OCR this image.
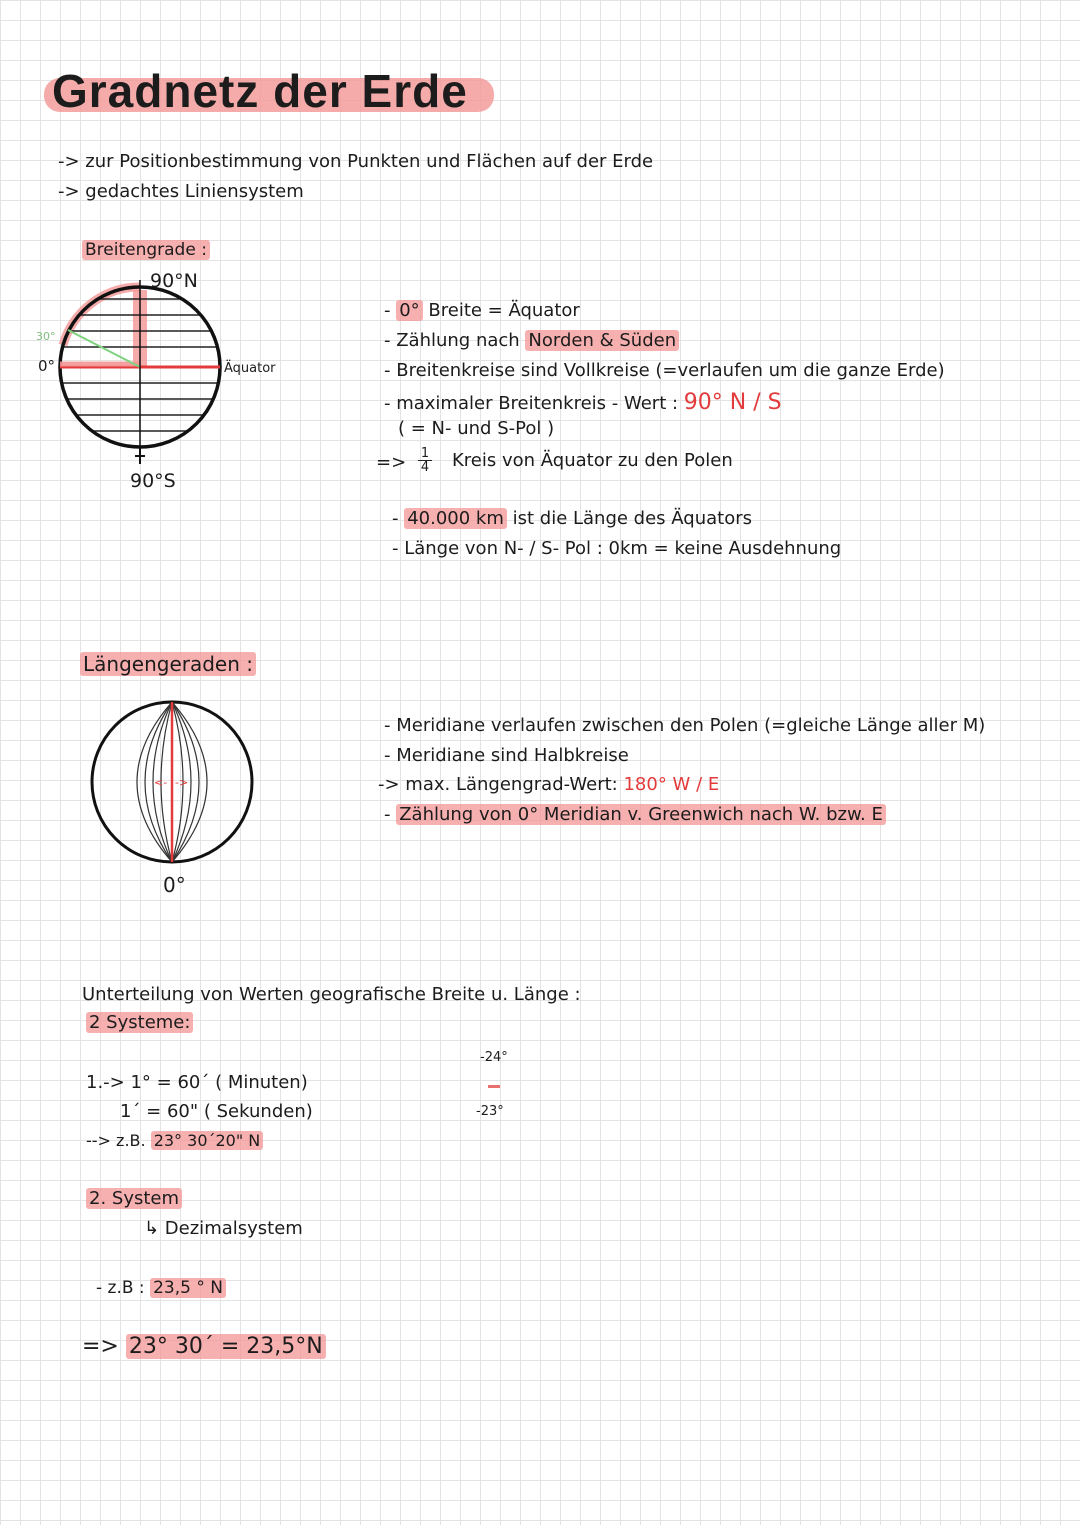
Gradnetz der Erde
-> zur Positionbestimmung von Punkten und Flächen auf der Erde
-> gedachtes Liniensystem
Breitengrade :
90°N
90°S
0°
30°
Äquator
- 0° Breite = Äquator
- Zählung nach Norden & Süden
- Breitenkreise sind Vollkreise (=verlaufen um die ganze Erde)
- maximaler Breitenkreis - Wert : 90° N / S
( = N- und S-Pol )
=> $\frac{1}{4}$ Kreis von Äquator zu den Polen
- 40.000 km ist die Länge des Äquators
- Länge von N- / S- Pol : 0km = keine Ausdehnung
Längengeraden :
<- ->
0°
- Meridiane verlaufen zwischen den Polen (=gleiche Länge aller M)
- Meridiane sind Halbkreise
-> max. Längengrad-Wert: 180° W / E
- Zählung von 0° Meridian v. Greenwich nach W. bzw. E
Unterteilung von Werten geografische Breite u. Länge :
2 Systeme:
1.-> 1° = 60´ ( Minuten)
1´ = 60" ( Sekunden)
--> z.B. 23° 30´20" N
-24°
-23°
2. System
↳ Dezimalsystem
- z.B : 23,5 ° N
=> 23° 30´ = 23,5°N
